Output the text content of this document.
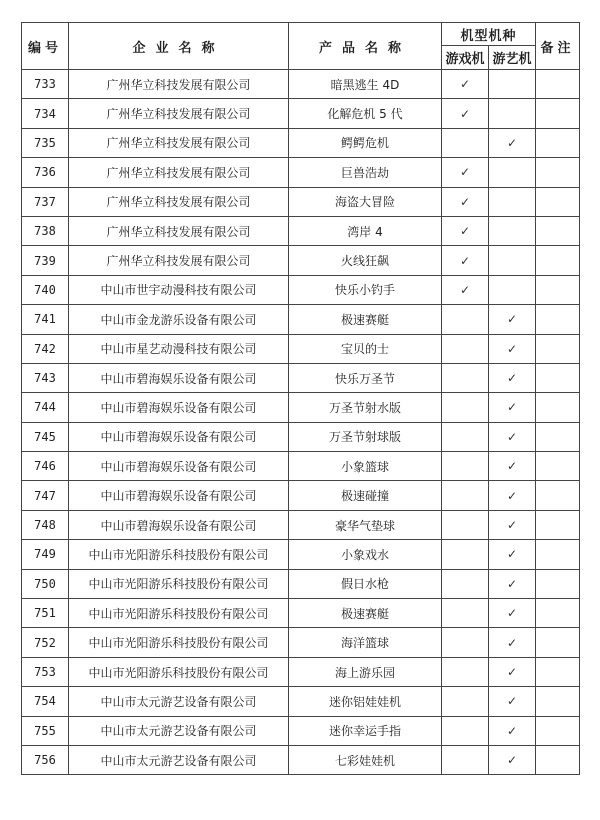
编号	企业名称	产品名称	机型机种		备注
			游戏机	游艺机	
733	广州华立科技发展有限公司	暗黑逃生 4D	✓		
734	广州华立科技发展有限公司	化解危机 5 代	✓		
735	广州华立科技发展有限公司	鳄鳄危机		✓	
736	广州华立科技发展有限公司	巨兽浩劫	✓		
737	广州华立科技发展有限公司	海盗大冒险	✓		
738	广州华立科技发展有限公司	湾岸 4	✓		
739	广州华立科技发展有限公司	火线狂飙	✓		
740	中山市世宇动漫科技有限公司	快乐小钓手	✓		
741	中山市金龙游乐设备有限公司	极速赛艇		✓	
742	中山市星艺动漫科技有限公司	宝贝的士		✓	
743	中山市碧海娱乐设备有限公司	快乐万圣节		✓	
744	中山市碧海娱乐设备有限公司	万圣节射水版		✓	
745	中山市碧海娱乐设备有限公司	万圣节射球版		✓	
746	中山市碧海娱乐设备有限公司	小象篮球		✓	
747	中山市碧海娱乐设备有限公司	极速碰撞		✓	
748	中山市碧海娱乐设备有限公司	豪华气垫球		✓	
749	中山市光阳游乐科技股份有限公司	小象戏水		✓	
750	中山市光阳游乐科技股份有限公司	假日水枪		✓	
751	中山市光阳游乐科技股份有限公司	极速赛艇		✓	
752	中山市光阳游乐科技股份有限公司	海洋篮球		✓	
753	中山市光阳游乐科技股份有限公司	海上游乐园		✓	
754	中山市太元游艺设备有限公司	迷你铝娃娃机		✓	
755	中山市太元游艺设备有限公司	迷你幸运手指		✓	
756	中山市太元游艺设备有限公司	七彩娃娃机		✓	
